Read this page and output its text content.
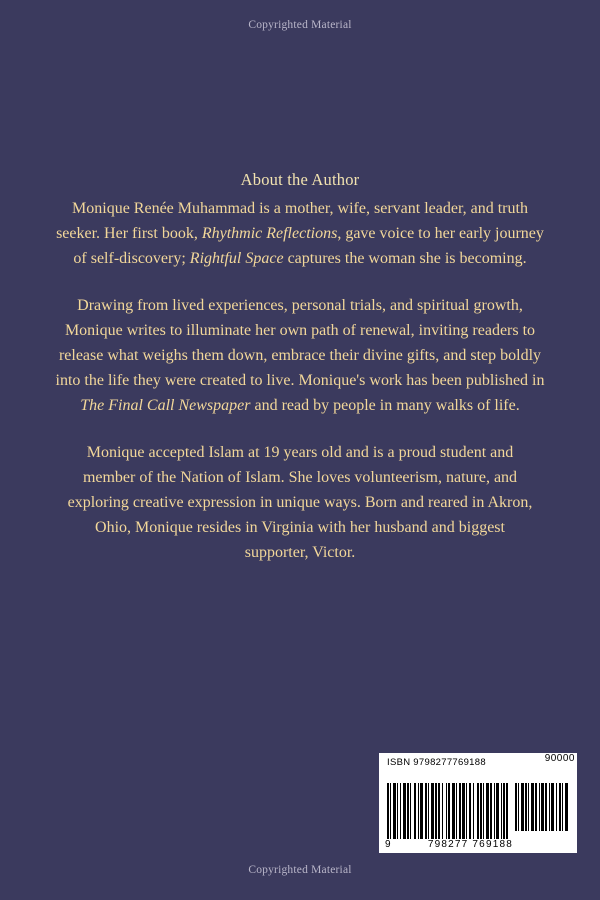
Copyrighted Material
About the Author

Monique Renée Muhammad is a mother, wife, servant leader, and truth seeker. Her first book, Rhythmic Reflections, gave voice to her early journey of self-discovery; Rightful Space captures the woman she is becoming.

Drawing from lived experiences, personal trials, and spiritual growth, Monique writes to illuminate her own path of renewal, inviting readers to release what weighs them down, embrace their divine gifts, and step boldly into the life they were created to live. Monique's work has been published in The Final Call Newspaper and read by people in many walks of life.

Monique accepted Islam at 19 years old and is a proud student and member of the Nation of Islam. She loves volunteerism, nature, and exploring creative expression in unique ways. Born and reared in Akron, Ohio, Monique resides in Virginia with her husband and biggest supporter, Victor.

ISBN 9798277769188	90000
9	798277 769188
Copyrighted Material
